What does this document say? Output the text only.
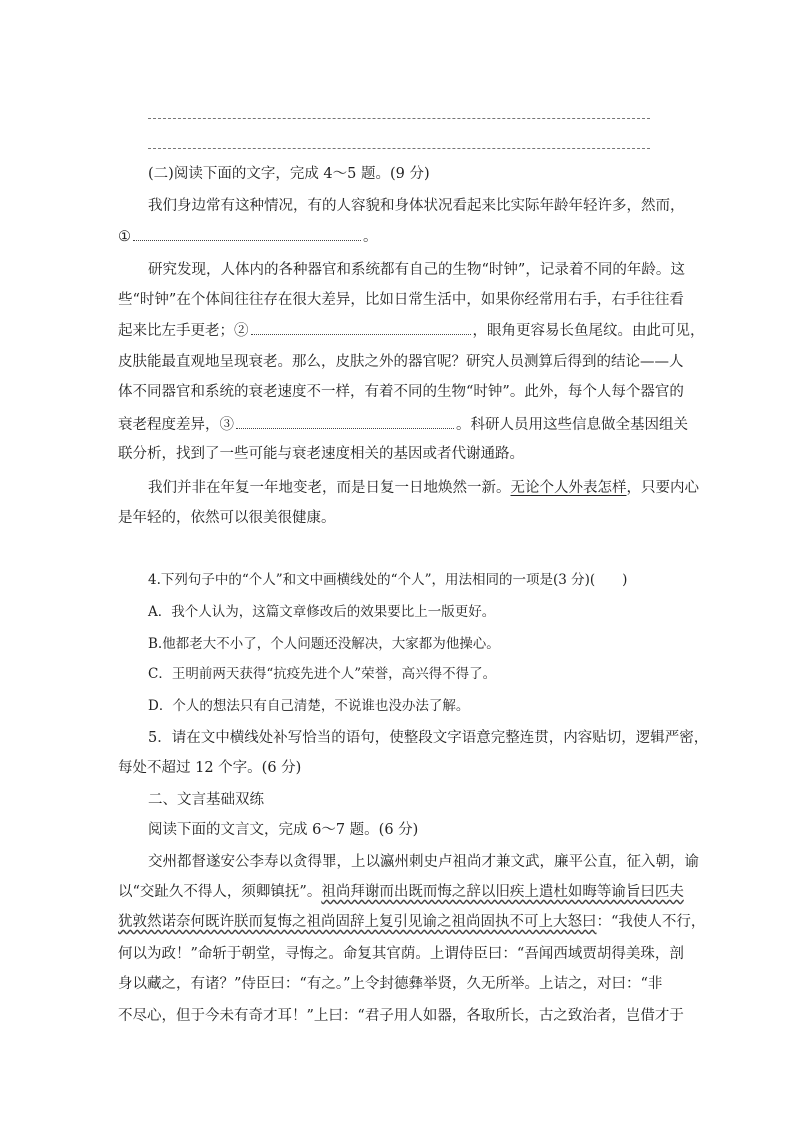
(二)阅读下面的文字，完成 4～5 题。(9 分)
我们身边常有这种情况，有的人容貌和身体状况看起来比实际年龄年轻许多，然而，
①	。
研究发现，人体内的各种器官和系统都有自己的生物“时钟”，记录着不同的年龄。这
些“时钟”在个体间往往存在很大差异，比如日常生活中，如果你经常用右手，右手往往看
起来比左手更老；②	，眼角更容易长鱼尾纹。由此可见，
皮肤能最直观地呈现衰老。那么，皮肤之外的器官呢？研究人员测算后得到的结论——人
体不同器官和系统的衰老速度不一样，有着不同的生物“时钟”。此外，每个人每个器官的
衰老程度差异，③	。科研人员用这些信息做全基因组关
联分析，找到了一些可能与衰老速度相关的基因或者代谢通路。
我们并非在年复一年地变老，而是日复一日地焕然一新。无论个人外表怎样，只要内心
是年轻的，依然可以很美很健康。
4.下列句子中的“个人”和文中画横线处的“个人”，用法相同的一项是(3 分)(　　)
A．我个人认为，这篇文章修改后的效果要比上一版更好。
B.他都老大不小了，个人问题还没解决，大家都为他操心。
C．王明前两天获得“抗疫先进个人”荣誉，高兴得不得了。
D．个人的想法只有自己清楚，不说谁也没办法了解。
5．请在文中横线处补写恰当的语句，使整段文字语意完整连贯，内容贴切，逻辑严密，
每处不超过 12 个字。(6 分)
二、文言基础双练
阅读下面的文言文，完成 6～7 题。(6 分)
交州都督遂安公李寿以贪得罪，上以瀛州刺史卢祖尚才兼文武，廉平公直，征入朝，谕
以“交趾久不得人，须卿镇抚”。祖尚拜谢而出既而悔之辞以旧疾上遣杜如晦等谕旨曰匹夫
犹敦然诺奈何既许朕而复悔之祖尚固辞上复引见谕之祖尚固执不可上大怒曰：“我使人不行，
何以为政！”命斩于朝堂，寻悔之。命复其官荫。上谓侍臣曰：“吾闻西域贾胡得美珠，剖
身以藏之，有诸？”侍臣曰：“有之。”上令封德彝举贤，久无所举。上诘之，对曰：“非
不尽心，但于今未有奇才耳！”上曰：“君子用人如器，各取所长，古之致治者，岂借才于
